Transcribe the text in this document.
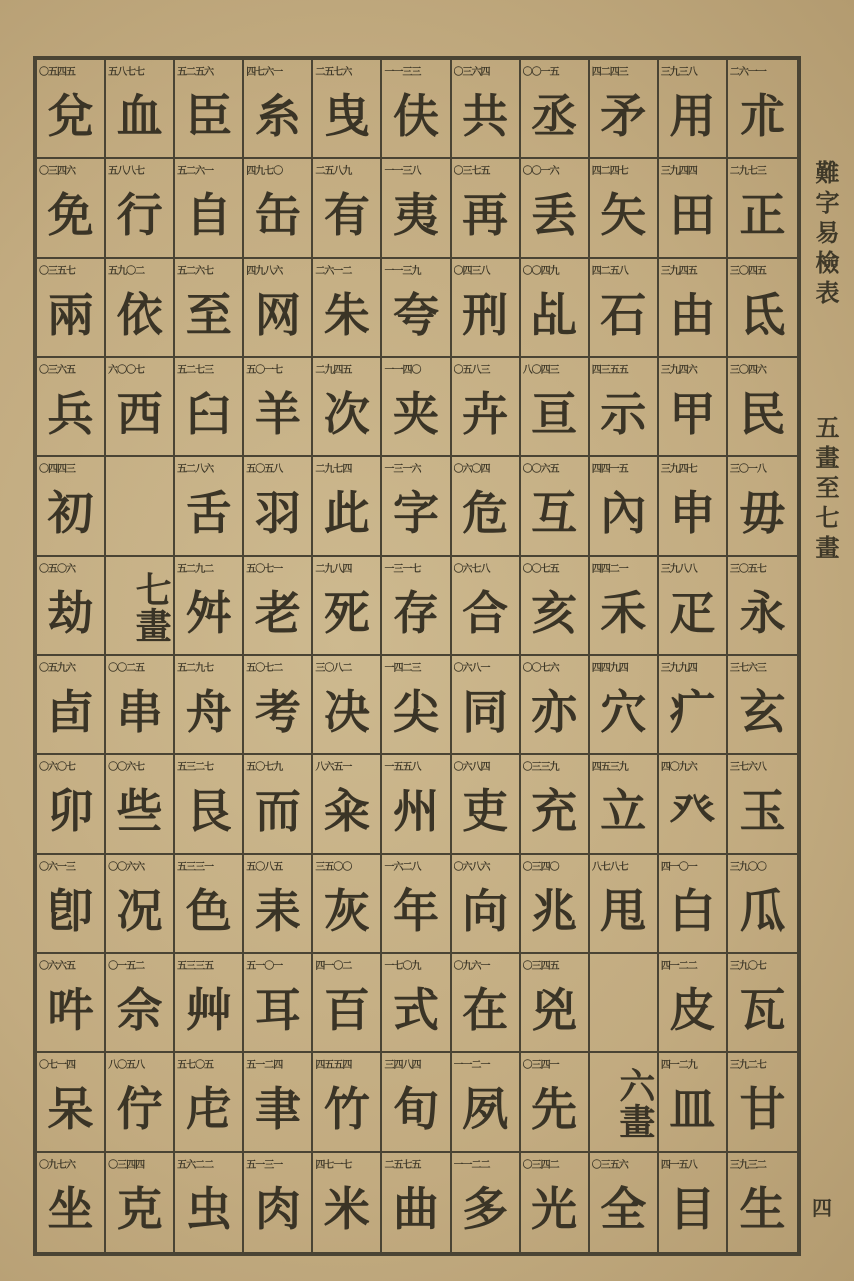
〇五四五
兌
五八七七
血
五二五六
臣
四七六一
糸
二五七六
曳
一一三三
伕
〇三六四
共
〇〇一五
丞
四二四三
矛
三九三八
用
二六一一
朮
〇三四六
免
五八八七
行
五二六一
自
四九七〇
缶
二五八九
有
一一三八
夷
〇三七五
再
〇〇一六
丢
四二四七
矢
三九四四
田
二九七三
正
〇三五七
兩
五九〇二
依
五二六七
至
四九八六
网
二六一二
朱
一一三九
夸
〇四三八
刑
〇〇四九
乩
四二五八
石
三九四五
由
三〇四五
氐
〇三六五
兵
六〇〇七
西
五二七三
臼
五〇一七
羊
二九四五
次
一一四〇
夹
〇五八三
卉
八〇四三
亘
四三五五
示
三九四六
甲
三〇四六
民
〇四四三
初
五二八六
舌
五〇五八
羽
二九七四
此
一三一六
字
〇六〇四
危
〇〇六五
互
四四一五
內
三九四七
申
三〇一八
毋
〇五〇六
劫	七畫
五二九二
舛
五〇七一
老
二九八四
死
一三一七
存
〇六七八
合
〇〇七五
亥
四四二一
禾
三九八八
疋
三〇五七
永
〇五九六
卣
〇〇二五
串
五二九七
舟
五〇七二
考
三〇八二
决
一四二三
尖
〇六八一
同
〇〇七六
亦
四四九四
穴
三九九四
疒
三七六三
玄
〇六〇七
卯
〇〇六七
些
五三二七
艮
五〇七九
而
八六五一
籴
一五五八
州
〇六八四
吏
〇三三九
充
四五三九
立
四〇九六
癶
三七六八
玉
〇六一三
卽
〇〇六六
况
五三三一
色
五〇八五
耒
三五〇〇
灰
一六二八
年
〇六八六
向
〇三四〇
兆
八七八七
甩
四一〇一
白
三九〇〇
瓜
〇六六五
吽
〇一五二
佘
五三三五
艸
五一〇一
耳
四一〇二
百
一七〇九
式
〇九六一
在
〇三四五
兇
四一二二
皮
三九〇七
瓦
〇七一四
呆
八〇五八
佇
五七〇五
虍
五一二四
聿
四五五四
竹
三四八四
旬
一一二一
夙
〇三四一
先	六畫
四一二九
皿
三九二七
甘
〇九七六
坐
〇三四四
克
五六二二
虫
五一三一
肉
四七一七
米
二五七五
曲
一一二二
多
〇三四二
光
〇三五六
全
四一五八
目
三九三二
生
難字易檢表
五畫至七畫
四
